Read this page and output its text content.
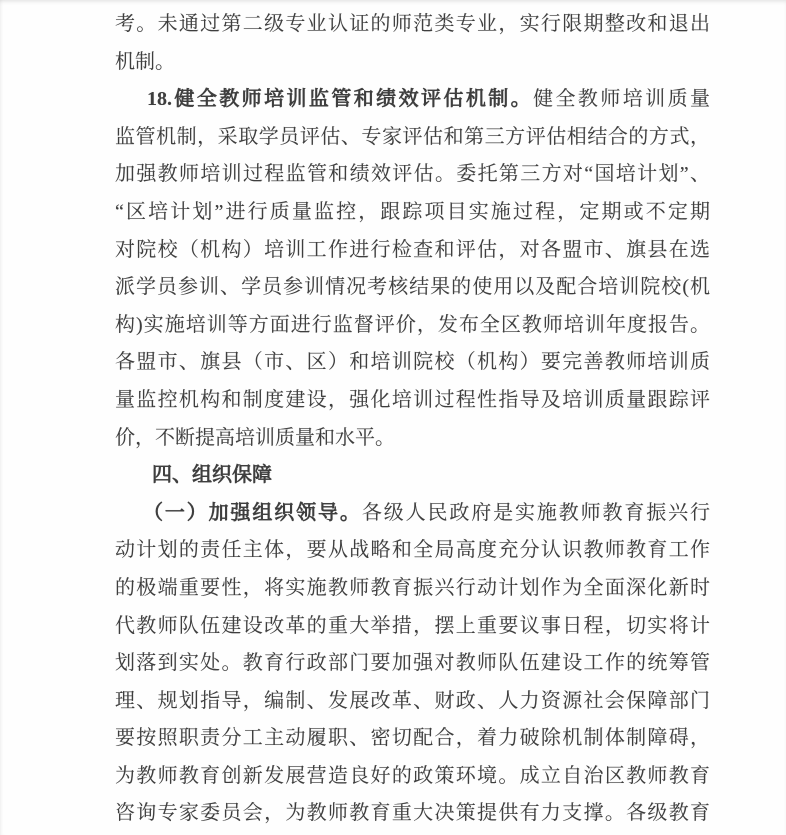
考。未通过第二级专业认证的师范类专业，实行限期整改和退出
机制。
18.健全教师培训监管和绩效评估机制。健全教师培训质量
监管机制，采取学员评估、专家评估和第三方评估相结合的方式，
加强教师培训过程监管和绩效评估。委托第三方对“国培计划”、
“区培计划”进行质量监控，跟踪项目实施过程，定期或不定期
对院校（机构）培训工作进行检查和评估，对各盟市、旗县在选
派学员参训、学员参训情况考核结果的使用以及配合培训院校(机
构)实施培训等方面进行监督评价，发布全区教师培训年度报告。
各盟市、旗县（市、区）和培训院校（机构）要完善教师培训质
量监控机构和制度建设，强化培训过程性指导及培训质量跟踪评
价，不断提高培训质量和水平。
四、组织保障
（一）加强组织领导。各级人民政府是实施教师教育振兴行
动计划的责任主体，要从战略和全局高度充分认识教师教育工作
的极端重要性，将实施教师教育振兴行动计划作为全面深化新时
代教师队伍建设改革的重大举措，摆上重要议事日程，切实将计
划落到实处。教育行政部门要加强对教师队伍建设工作的统筹管
理、规划指导，编制、发展改革、财政、人力资源社会保障部门
要按照职责分工主动履职、密切配合，着力破除机制体制障碍，
为教师教育创新发展营造良好的政策环境。成立自治区教师教育
咨询专家委员会，为教师教育重大决策提供有力支撑。各级教育
